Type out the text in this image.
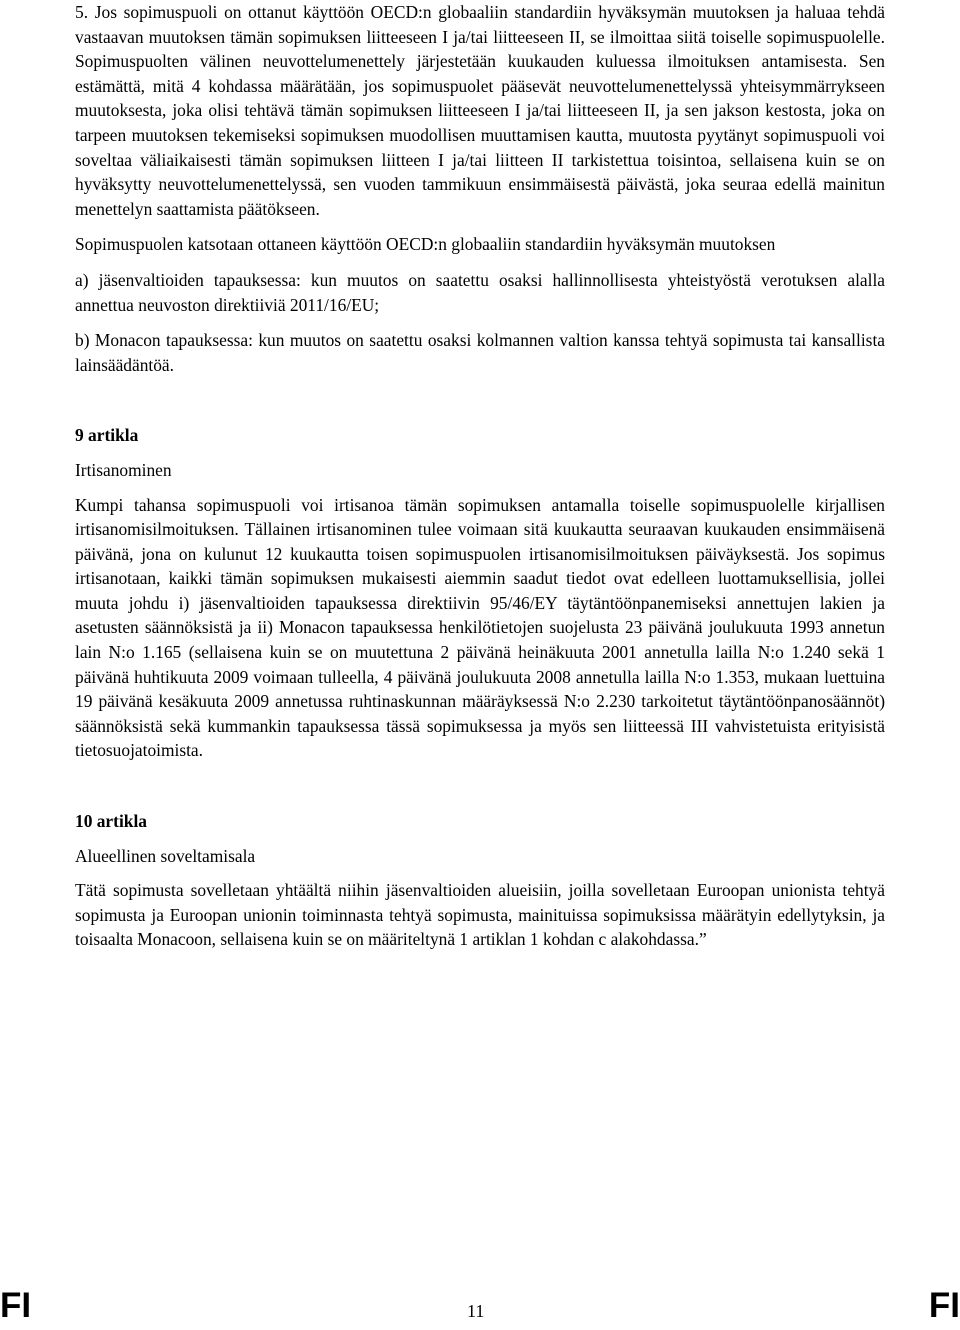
5. Jos sopimuspuoli on ottanut käyttöön OECD:n globaaliin standardiin hyväksymän muutoksen ja haluaa tehdä vastaavan muutoksen tämän sopimuksen liitteeseen I ja/tai liitteeseen II, se ilmoittaa siitä toiselle sopimuspuolelle. Sopimuspuolten välinen neuvottelumenettely järjestetään kuukauden kuluessa ilmoituksen antamisesta. Sen estämättä, mitä 4 kohdassa määrätään, jos sopimuspuolet pääsevät neuvottelumenettelyssä yhteisymmärrykseen muutoksesta, joka olisi tehtävä tämän sopimuksen liitteeseen I ja/tai liitteeseen II, ja sen jakson kestosta, joka on tarpeen muutoksen tekemiseksi sopimuksen muodollisen muuttamisen kautta, muutosta pyytänyt sopimuspuoli voi soveltaa väliaikaisesti tämän sopimuksen liitteen I ja/tai liitteen II tarkistettua toisintoa, sellaisena kuin se on hyväksytty neuvottelumenettelyssä, sen vuoden tammikuun ensimmäisestä päivästä, joka seuraa edellä mainitun menettelyn saattamista päätökseen.

Sopimuspuolen katsotaan ottaneen käyttöön OECD:n globaaliin standardiin hyväksymän muutoksen

a) jäsenvaltioiden tapauksessa: kun muutos on saatettu osaksi hallinnollisesta yhteistyöstä verotuksen alalla annettua neuvoston direktiiviä 2011/16/EU;

b) Monacon tapauksessa: kun muutos on saatettu osaksi kolmannen valtion kanssa tehtyä sopimusta tai kansallista lainsäädäntöä.

9 artikla

Irtisanominen

Kumpi tahansa sopimuspuoli voi irtisanoa tämän sopimuksen antamalla toiselle sopimuspuolelle kirjallisen irtisanomisilmoituksen. Tällainen irtisanominen tulee voimaan sitä kuukautta seuraavan kuukauden ensimmäisenä päivänä, jona on kulunut 12 kuukautta toisen sopimuspuolen irtisanomisilmoituksen päiväyksestä. Jos sopimus irtisanotaan, kaikki tämän sopimuksen mukaisesti aiemmin saadut tiedot ovat edelleen luottamuksellisia, jollei muuta johdu i) jäsenvaltioiden tapauksessa direktiivin 95/46/EY täytäntöönpanemiseksi annettujen lakien ja asetusten säännöksistä ja ii) Monacon tapauksessa henkilötietojen suojelusta 23 päivänä joulukuuta 1993 annetun lain N:o 1.165 (sellaisena kuin se on muutettuna 2 päivänä heinäkuuta 2001 annetulla lailla N:o 1.240 sekä 1 päivänä huhtikuuta 2009 voimaan tulleella, 4 päivänä joulukuuta 2008 annetulla lailla N:o 1.353, mukaan luettuina 19 päivänä kesäkuuta 2009 annetussa ruhtinaskunnan määräyksessä N:o 2.230 tarkoitetut täytäntöönpanosäännöt) säännöksistä sekä kummankin tapauksessa tässä sopimuksessa ja myös sen liitteessä III vahvistetuista erityisistä tietosuojatoimista.

10 artikla

Alueellinen soveltamisala

Tätä sopimusta sovelletaan yhtäältä niihin jäsenvaltioiden alueisiin, joilla sovelletaan Euroopan unionista tehtyä sopimusta ja Euroopan unionin toiminnasta tehtyä sopimusta, mainituissa sopimuksissa määrätyin edellytyksin, ja toisaalta Monacoon, sellaisena kuin se on määriteltynä 1 artiklan 1 kohdan c alakohdassa.”

FI	11	FI
